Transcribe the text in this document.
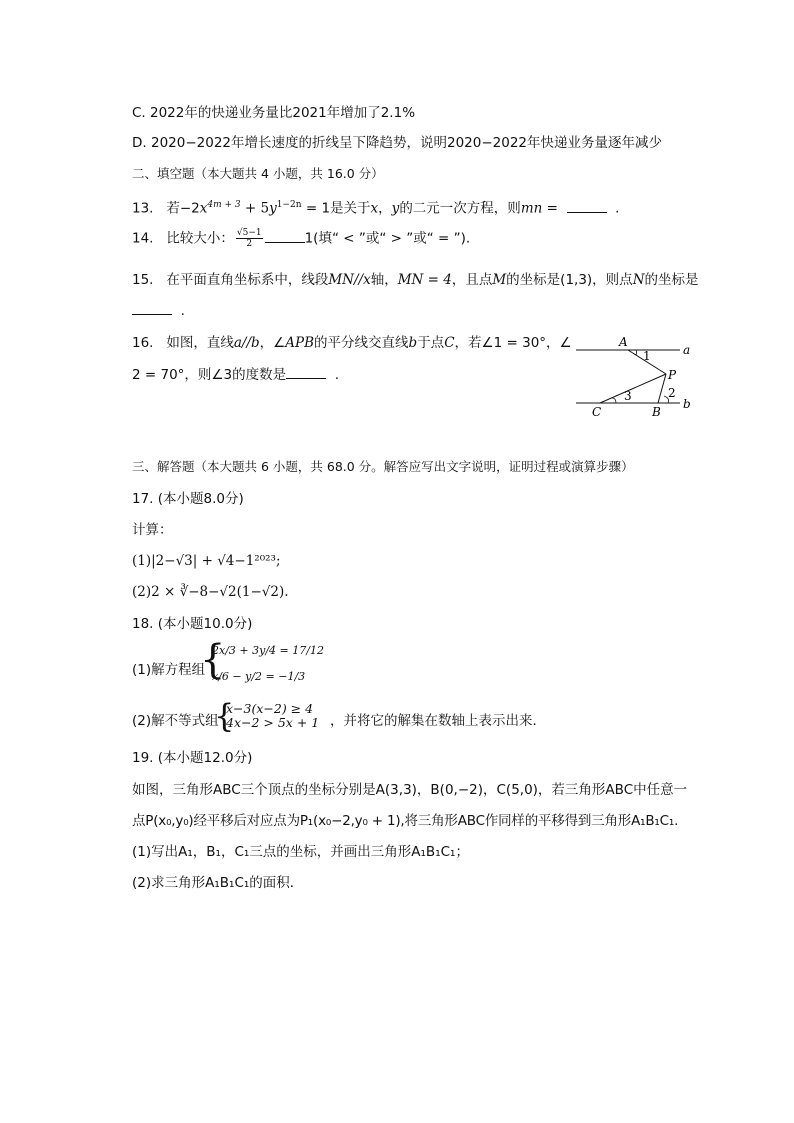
C. 2022年的快递业务量比2021年增加了2.1%
D. 2020−2022年增长速度的折线呈下降趋势，说明2020−2022年快递业务量逐年减少
二、填空题（本大题共 4 小题，共 16.0 分）
13. 若$-2x^{4m + 3} + 5y^{1-2n} = 1$是关于x，y的二元一次方程，则mn =	.
14. 比较大小： $\frac{√5-1}{2}$	1(填“ < ”或“ > ”或“ = ”).
15. 在平面直角坐标系中，线段MN//x轴，MN = 4，且点M的坐标是(1,3)，则点N的坐标是
.
16. 如图，直线a//b，∠APB的平分线交直线b于点C，若∠1 = 30°，∠
2 = 70°，则∠3的度数是	.
A
a
1
P
2
3
C	B
b
三、解答题（本大题共 6 小题，共 68.0 分。解答应写出文字说明，证明过程或演算步骤）
17. (本小题8.0分)
计算：
(1)|2−√3| + √4−1²⁰²³;
(2)2 × ∛−8−√2(1−√2).
18. (本小题10.0分)
(1)解方程组
{
2x/3 + 3y/4 = 17/12
x/6 − y/2 = −1/3
(2)解不等式组
{
x−3(x−2) ≥ 4
4x−2 > 5x + 1 ，并将它的解集在数轴上表示出来．
19. (本小题12.0分)
如图，三角形ABC三个顶点的坐标分别是A(3,3)，B(0,−2)，C(5,0)，若三角形ABC中任意一
点P(x₀,y₀)经平移后对应点为P₁(x₀−2,y₀ + 1),将三角形ABC作同样的平移得到三角形A₁B₁C₁.
(1)写出A₁，B₁，C₁三点的坐标，并画出三角形A₁B₁C₁；
(2)求三角形A₁B₁C₁的面积．
